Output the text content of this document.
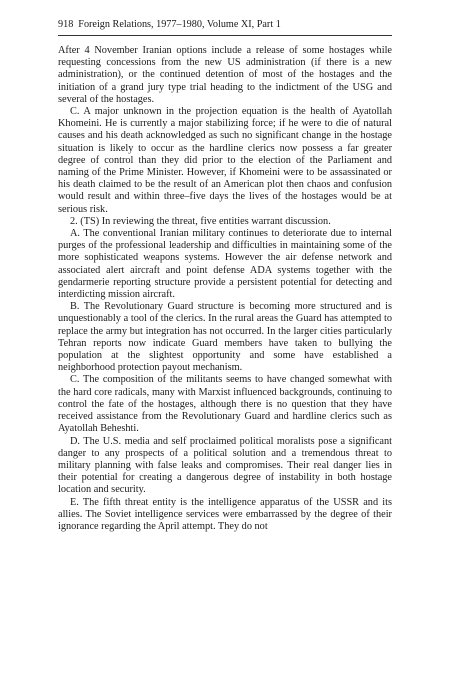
918 Foreign Relations, 1977–1980, Volume XI, Part 1

After 4 November Iranian options include a release of some hostages while requesting concessions from the new US administration (if there is a new administration), or the continued detention of most of the hostages and the initiation of a grand jury type trial heading to the indictment of the USG and several of the hostages.

C. A major unknown in the projection equation is the health of Ayatollah Khomeini. He is currently a major stabilizing force; if he were to die of natural causes and his death acknowledged as such no significant change in the hostage situation is likely to occur as the hardline clerics now possess a far greater degree of control than they did prior to the election of the Parliament and naming of the Prime Minister. However, if Khomeini were to be assassinated or his death claimed to be the result of an American plot then chaos and confusion would result and within three–five days the lives of the hostages would be at serious risk.

2. (TS) In reviewing the threat, five entities warrant discussion.

A. The conventional Iranian military continues to deteriorate due to internal purges of the professional leadership and difficulties in maintaining some of the more sophisticated weapons systems. However the air defense network and associated alert aircraft and point defense ADA systems together with the gendarmerie reporting structure provide a persistent potential for detecting and interdicting mission aircraft.

B. The Revolutionary Guard structure is becoming more structured and is unquestionably a tool of the clerics. In the rural areas the Guard has attempted to replace the army but integration has not occurred. In the larger cities particularly Tehran reports now indicate Guard members have taken to bullying the population at the slightest opportunity and some have established a neighborhood protection payout mechanism.

C. The composition of the militants seems to have changed somewhat with the hard core radicals, many with Marxist influenced backgrounds, continuing to control the fate of the hostages, although there is no question that they have received assistance from the Revolutionary Guard and hardline clerics such as Ayatollah Beheshti.

D. The U.S. media and self proclaimed political moralists pose a significant danger to any prospects of a political solution and a tremendous threat to military planning with false leaks and compromises. Their real danger lies in their potential for creating a dangerous degree of instability in both hostage location and security.

E. The fifth threat entity is the intelligence apparatus of the USSR and its allies. The Soviet intelligence services were embarrassed by the degree of their ignorance regarding the April attempt. They do not
